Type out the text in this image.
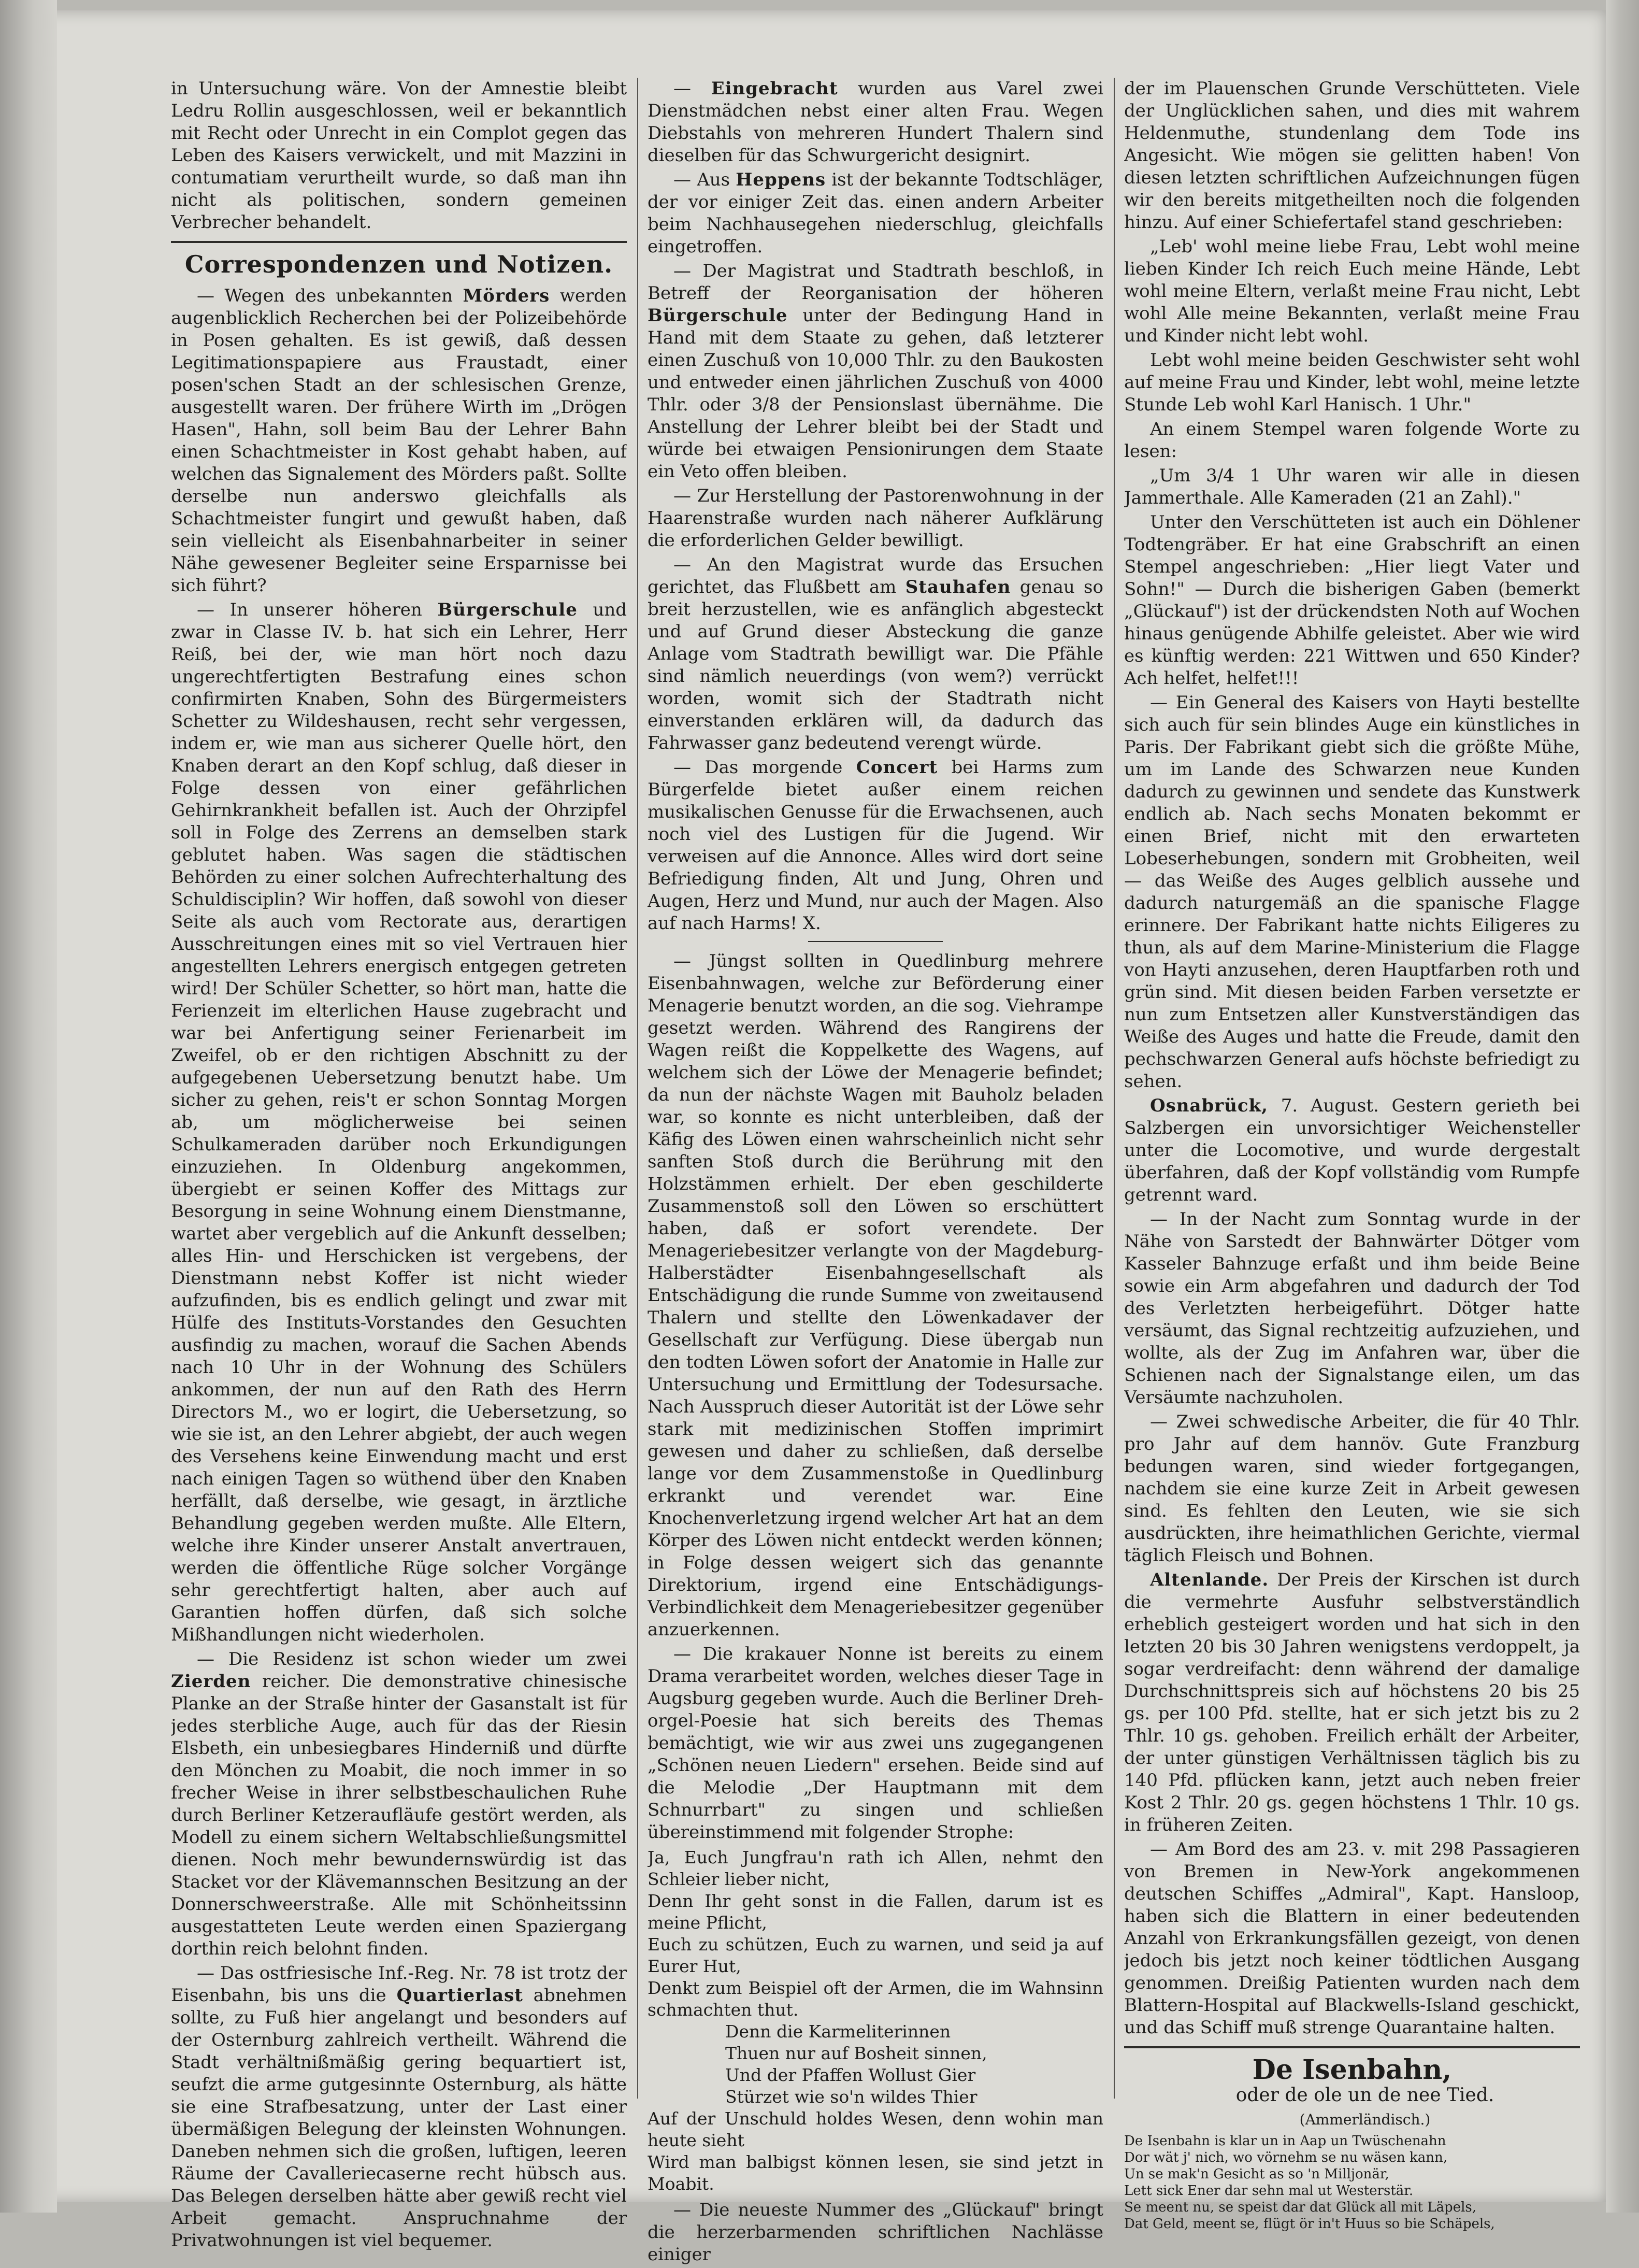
in Untersuchung wäre. Von der Amnestie bleibt Ledru Rollin ausgeschlossen, weil er bekanntlich mit Recht oder Unrecht in ein Complot gegen das Leben des Kaisers verwickelt, und mit Mazzini in contumatiam verurtheilt wurde, so daß man ihn nicht als politischen, sondern gemeinen Verbrecher behandelt.

Correspondenzen und Notizen.

— Wegen des unbekannten Mörders werden augenblicklich Recherchen bei der Polizeibehörde in Posen gehalten. Es ist gewiß, daß dessen Legitimationspapiere aus Fraustadt, einer posen'schen Stadt an der schlesischen Grenze, ausgestellt waren. Der frühere Wirth im „Drögen Hasen", Hahn, soll beim Bau der Lehrer Bahn einen Schachtmeister in Kost gehabt haben, auf welchen das Signalement des Mörders paßt. Sollte derselbe nun anderswo gleichfalls als Schachtmeister fungirt und gewußt haben, daß sein vielleicht als Eisenbahnarbeiter in seiner Nähe gewesener Begleiter seine Ersparnisse bei sich führt?

— In unserer höheren Bürgerschule und zwar in Classe IV. b. hat sich ein Lehrer, Herr Reiß, bei der, wie man hört noch dazu ungerechtfertigten Bestrafung eines schon confirmirten Knaben, Sohn des Bürgermeisters Schetter zu Wildeshausen, recht sehr vergessen, indem er, wie man aus sicherer Quelle hört, den Knaben derart an den Kopf schlug, daß dieser in Folge dessen von einer gefährlichen Gehirnkrankheit befallen ist. Auch der Ohrzipfel soll in Folge des Zerrens an demselben stark geblutet haben. Was sagen die städtischen Behörden zu einer solchen Aufrechterhaltung des Schuldisciplin? Wir hoffen, daß sowohl von dieser Seite als auch vom Rectorate aus, derartigen Ausschreitungen eines mit so viel Vertrauen hier angestellten Lehrers energisch entgegen getreten wird! Der Schüler Schetter, so hört man, hatte die Ferienzeit im elterlichen Hause zugebracht und war bei Anfertigung seiner Ferienarbeit im Zweifel, ob er den richtigen Abschnitt zu der aufgegebenen Uebersetzung benutzt habe. Um sicher zu gehen, reis't er schon Sonntag Morgen ab, um möglicherweise bei seinen Schulkameraden darüber noch Erkundigungen einzuziehen. In Oldenburg angekommen, übergiebt er seinen Koffer des Mittags zur Besorgung in seine Wohnung einem Dienstmanne, wartet aber vergeblich auf die Ankunft desselben; alles Hin- und Herschicken ist vergebens, der Dienstmann nebst Koffer ist nicht wieder aufzufinden, bis es endlich gelingt und zwar mit Hülfe des Instituts-Vorstandes den Gesuchten ausfindig zu machen, worauf die Sachen Abends nach 10 Uhr in der Wohnung des Schülers ankommen, der nun auf den Rath des Herrn Directors M., wo er logirt, die Uebersetzung, so wie sie ist, an den Lehrer abgiebt, der auch wegen des Versehens keine Einwendung macht und erst nach einigen Tagen so wüthend über den Knaben herfällt, daß derselbe, wie gesagt, in ärztliche Behandlung gegeben werden mußte. Alle Eltern, welche ihre Kinder unserer Anstalt anvertrauen, werden die öffentliche Rüge solcher Vorgänge sehr gerechtfertigt halten, aber auch auf Garantien hoffen dürfen, daß sich solche Mißhandlungen nicht wiederholen.

— Die Residenz ist schon wieder um zwei Zierden reicher. Die demonstrative chinesische Planke an der Straße hinter der Gasanstalt ist für jedes sterbliche Auge, auch für das der Riesin Elsbeth, ein unbesiegbares Hinderniß und dürfte den Mönchen zu Moabit, die noch immer in so frecher Weise in ihrer selbstbeschaulichen Ruhe durch Berliner Ketzeraufläufe gestört werden, als Modell zu einem sichern Weltabschließungsmittel dienen. Noch mehr bewundernswürdig ist das Stacket vor der Klävemannschen Besitzung an der Donnerschweerstraße. Alle mit Schönheitssinn ausgestatteten Leute werden einen Spaziergang dorthin reich belohnt finden.

— Das ostfriesische Inf.-Reg. Nr. 78 ist trotz der Eisenbahn, bis uns die Quartierlast abnehmen sollte, zu Fuß hier angelangt und besonders auf der Osternburg zahlreich vertheilt. Während die Stadt verhältnißmäßig gering bequartiert ist, seufzt die arme gutgesinnte Osternburg, als hätte sie eine Strafbesatzung, unter der Last einer übermäßigen Belegung der kleinsten Wohnungen. Daneben nehmen sich die großen, luftigen, leeren Räume der Cavalleriecaserne recht hübsch aus. Das Belegen derselben hätte aber gewiß recht viel Arbeit gemacht. Anspruchnahme der Privatwohnungen ist viel bequemer.

— Eingebracht wurden aus Varel zwei Dienstmädchen nebst einer alten Frau. Wegen Diebstahls von mehreren Hundert Thalern sind dieselben für das Schwurgericht designirt.

— Aus Heppens ist der bekannte Todtschläger, der vor einiger Zeit das. einen andern Arbeiter beim Nachhausegehen niederschlug, gleichfalls eingetroffen.

— Der Magistrat und Stadtrath beschloß, in Betreff der Reorganisation der höheren Bürgerschule unter der Bedingung Hand in Hand mit dem Staate zu gehen, daß letzterer einen Zuschuß von 10,000 Thlr. zu den Baukosten und entweder einen jährlichen Zuschuß von 4000 Thlr. oder 3/8 der Pensionslast übernähme. Die Anstellung der Lehrer bleibt bei der Stadt und würde bei etwaigen Pensionirungen dem Staate ein Veto offen bleiben.

— Zur Herstellung der Pastorenwohnung in der Haarenstraße wurden nach näherer Aufklärung die erforderlichen Gelder bewilligt.

— An den Magistrat wurde das Ersuchen gerichtet, das Flußbett am Stauhafen genau so breit herzustellen, wie es anfänglich abgesteckt und auf Grund dieser Absteckung die ganze Anlage vom Stadtrath bewilligt war. Die Pfähle sind nämlich neuerdings (von wem?) verrückt worden, womit sich der Stadtrath nicht einverstanden erklären will, da dadurch das Fahrwasser ganz bedeutend verengt würde.

— Das morgende Concert bei Harms zum Bürgerfelde bietet außer einem reichen musikalischen Genusse für die Erwachsenen, auch noch viel des Lustigen für die Jugend. Wir verweisen auf die Annonce. Alles wird dort seine Befriedigung finden, Alt und Jung, Ohren und Augen, Herz und Mund, nur auch der Magen. Also auf nach Harms! X.

— Jüngst sollten in Quedlinburg mehrere Eisenbahnwagen, welche zur Beförderung einer Menagerie benutzt worden, an die sog. Viehrampe gesetzt werden. Während des Rangirens der Wagen reißt die Koppelkette des Wagens, auf welchem sich der Löwe der Menagerie befindet; da nun der nächste Wagen mit Bauholz beladen war, so konnte es nicht unterbleiben, daß der Käfig des Löwen einen wahrscheinlich nicht sehr sanften Stoß durch die Berührung mit den Holzstämmen erhielt. Der eben geschilderte Zusammenstoß soll den Löwen so erschüttert haben, daß er sofort verendete. Der Menageriebesitzer verlangte von der Magdeburg-Halberstädter Eisenbahngesellschaft als Entschädigung die runde Summe von zweitausend Thalern und stellte den Löwenkadaver der Gesellschaft zur Verfügung. Diese übergab nun den todten Löwen sofort der Anatomie in Halle zur Untersuchung und Ermittlung der Todesursache. Nach Ausspruch dieser Autorität ist der Löwe sehr stark mit medizinischen Stoffen imprimirt gewesen und daher zu schließen, daß derselbe lange vor dem Zusammenstoße in Quedlinburg erkrankt und verendet war. Eine Knochenverletzung irgend welcher Art hat an dem Körper des Löwen nicht entdeckt werden können; in Folge dessen weigert sich das genannte Direktorium, irgend eine Entschädigungs-Verbindlichkeit dem Menageriebesitzer gegenüber anzuerkennen.

— Die krakauer Nonne ist bereits zu einem Drama verarbeitet worden, welches dieser Tage in Augsburg gegeben wurde. Auch die Berliner Dreh-orgel-Poesie hat sich bereits des Themas bemächtigt, wie wir aus zwei uns zugegangenen „Schönen neuen Liedern" ersehen. Beide sind auf die Melodie „Der Hauptmann mit dem Schnurrbart" zu singen und schließen übereinstimmend mit folgender Strophe:

Ja, Euch Jungfrau'n rath ich Allen, nehmt den Schleier lieber nicht,
Denn Ihr geht sonst in die Fallen, darum ist es meine Pflicht,
Euch zu schützen, Euch zu warnen, und seid ja auf Eurer Hut,
Denkt zum Beispiel oft der Armen, die im Wahnsinn schmachten thut.
Denn die Karmeliterinnen
Thuen nur auf Bosheit sinnen,
Und der Pfaffen Wollust Gier
Stürzet wie so'n wildes Thier
Auf der Unschuld holdes Wesen, denn wohin man heute sieht
Wird man balbigst können lesen, sie sind jetzt in Moabit.

— Die neueste Nummer des „Glückauf" bringt die herzerbarmenden schriftlichen Nachlässe einiger

der im Plauenschen Grunde Verschütteten. Viele der Unglücklichen sahen, und dies mit wahrem Heldenmuthe, stundenlang dem Tode ins Angesicht. Wie mögen sie gelitten haben! Von diesen letzten schriftlichen Aufzeichnungen fügen wir den bereits mitgetheilten noch die folgenden hinzu. Auf einer Schiefertafel stand geschrieben:

„Leb' wohl meine liebe Frau, Lebt wohl meine lieben Kinder Ich reich Euch meine Hände, Lebt wohl meine Eltern, verlaßt meine Frau nicht, Lebt wohl Alle meine Bekannten, verlaßt meine Frau und Kinder nicht lebt wohl.

Lebt wohl meine beiden Geschwister seht wohl auf meine Frau und Kinder, lebt wohl, meine letzte Stunde Leb wohl Karl Hanisch. 1 Uhr."

An einem Stempel waren folgende Worte zu lesen:

„Um 3/4 1 Uhr waren wir alle in diesen Jammerthale. Alle Kameraden (21 an Zahl)."

Unter den Verschütteten ist auch ein Döhlener Todtengräber. Er hat eine Grabschrift an einen Stempel angeschrieben: „Hier liegt Vater und Sohn!" — Durch die bisherigen Gaben (bemerkt „Glückauf") ist der drückendsten Noth auf Wochen hinaus genügende Abhilfe geleistet. Aber wie wird es künftig werden: 221 Wittwen und 650 Kinder? Ach helfet, helfet!!!

— Ein General des Kaisers von Hayti bestellte sich auch für sein blindes Auge ein künstliches in Paris. Der Fabrikant giebt sich die größte Mühe, um im Lande des Schwarzen neue Kunden dadurch zu gewinnen und sendete das Kunstwerk endlich ab. Nach sechs Monaten bekommt er einen Brief, nicht mit den erwarteten Lobeserhebungen, sondern mit Grobheiten, weil — das Weiße des Auges gelblich aussehe und dadurch naturgemäß an die spanische Flagge erinnere. Der Fabrikant hatte nichts Eiligeres zu thun, als auf dem Marine-Ministerium die Flagge von Hayti anzusehen, deren Hauptfarben roth und grün sind. Mit diesen beiden Farben versetzte er nun zum Entsetzen aller Kunstverständigen das Weiße des Auges und hatte die Freude, damit den pechschwarzen General aufs höchste befriedigt zu sehen.

Osnabrück, 7. August. Gestern gerieth bei Salzbergen ein unvorsichtiger Weichensteller unter die Locomotive, und wurde dergestalt überfahren, daß der Kopf vollständig vom Rumpfe getrennt ward.

— In der Nacht zum Sonntag wurde in der Nähe von Sarstedt der Bahnwärter Dötger vom Kasseler Bahnzuge erfaßt und ihm beide Beine sowie ein Arm abgefahren und dadurch der Tod des Verletzten herbeigeführt. Dötger hatte versäumt, das Signal rechtzeitig aufzuziehen, und wollte, als der Zug im Anfahren war, über die Schienen nach der Signalstange eilen, um das Versäumte nachzuholen.

— Zwei schwedische Arbeiter, die für 40 Thlr. pro Jahr auf dem hannöv. Gute Franzburg bedungen waren, sind wieder fortgegangen, nachdem sie eine kurze Zeit in Arbeit gewesen sind. Es fehlten den Leuten, wie sie sich ausdrückten, ihre heimathlichen Gerichte, viermal täglich Fleisch und Bohnen.

Altenlande. Der Preis der Kirschen ist durch die vermehrte Ausfuhr selbstverständlich erheblich gesteigert worden und hat sich in den letzten 20 bis 30 Jahren wenigstens verdoppelt, ja sogar verdreifacht: denn während der damalige Durchschnittspreis sich auf höchstens 20 bis 25 gs. per 100 Pfd. stellte, hat er sich jetzt bis zu 2 Thlr. 10 gs. gehoben. Freilich erhält der Arbeiter, der unter günstigen Verhältnissen täglich bis zu 140 Pfd. pflücken kann, jetzt auch neben freier Kost 2 Thlr. 20 gs. gegen höchstens 1 Thlr. 10 gs. in früheren Zeiten.

— Am Bord des am 23. v. mit 298 Passagieren von Bremen in New-York angekommenen deutschen Schiffes „Admiral", Kapt. Hansloop, haben sich die Blattern in einer bedeutenden Anzahl von Erkrankungsfällen gezeigt, von denen jedoch bis jetzt noch keiner tödtlichen Ausgang genommen. Dreißig Patienten wurden nach dem Blattern-Hospital auf Blackwells-Island geschickt, und das Schiff muß strenge Quarantaine halten.

De Isenbahn,

oder de ole un de nee Tied.

(Ammerländisch.)

De Isenbahn is klar un in Aap un Twüschenahn
Dor wät j' nich, wo vörnehm se nu wäsen kann,
Un se mak'n Gesicht as so 'n Milljonär,
Lett sick Ener dar sehn mal ut Westerstär.
Se meent nu, se speist dar dat Glück all mit Läpels,
Dat Geld, meent se, flügt ör in't Huus so bie Schäpels,
